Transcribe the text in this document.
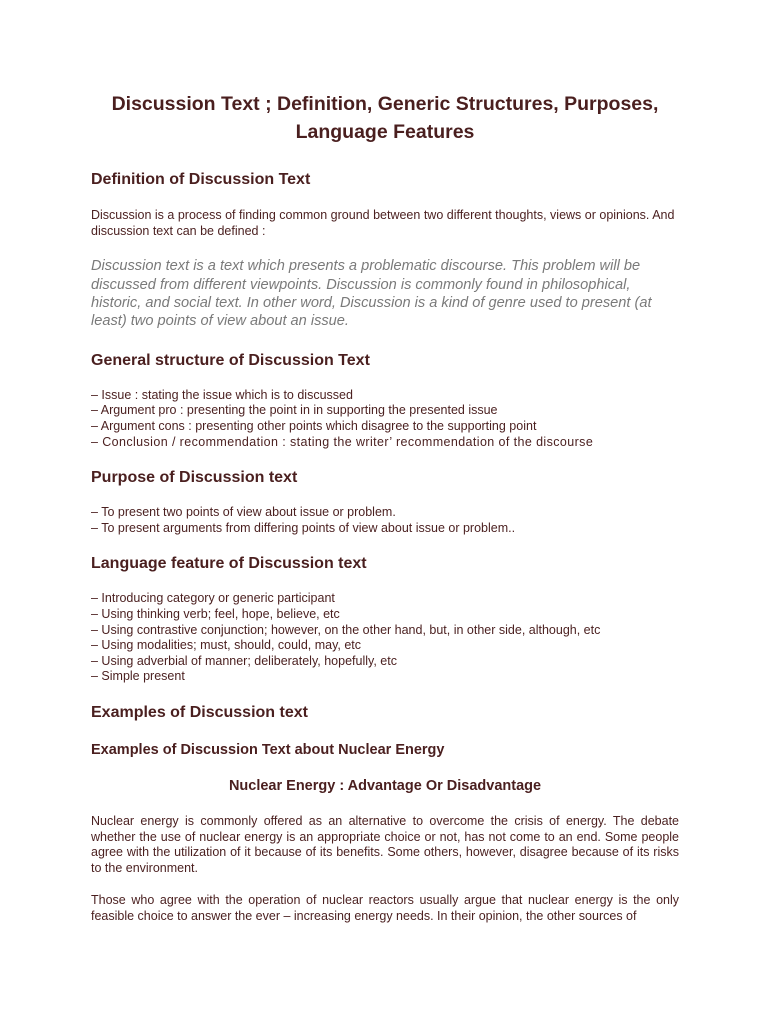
Discussion Text ; Definition, Generic Structures, Purposes, Language Features
Definition of Discussion Text

Discussion is a process of finding common ground between two different thoughts, views or opinions. And discussion text can be defined :

Discussion text is a text which presents a problematic discourse. This problem will be discussed from different viewpoints. Discussion is commonly found in philosophical, historic, and social text. In other word, Discussion is a kind of genre used to present (at least) two points of view about an issue.

General structure of Discussion Text
– Issue : stating the issue which is to discussed
– Argument pro : presenting the point in in supporting the presented issue
– Argument cons : presenting other points which disagree to the supporting point
– Conclusion / recommendation : stating the writer’ recommendation of the discourse
Purpose of Discussion text
– To present two points of view about issue or problem.
– To present arguments from differing points of view about issue or problem..
Language feature of Discussion text
– Introducing category or generic participant
– Using thinking verb; feel, hope, believe, etc
– Using contrastive conjunction; however, on the other hand, but, in other side, although, etc
– Using modalities; must, should, could, may, etc
– Using adverbial of manner; deliberately, hopefully, etc
– Simple present
Examples of Discussion text
Examples of Discussion Text about Nuclear Energy
Nuclear Energy : Advantage Or Disadvantage

Nuclear energy is commonly offered as an alternative to overcome the crisis of energy. The debate whether the use of nuclear energy is an appropriate choice or not, has not come to an end. Some people agree with the utilization of it because of its benefits. Some others, however, disagree because of its risks to the environment.

Those who agree with the operation of nuclear reactors usually argue that nuclear energy is the only feasible choice to answer the ever – increasing energy needs. In their opinion, the other sources of
